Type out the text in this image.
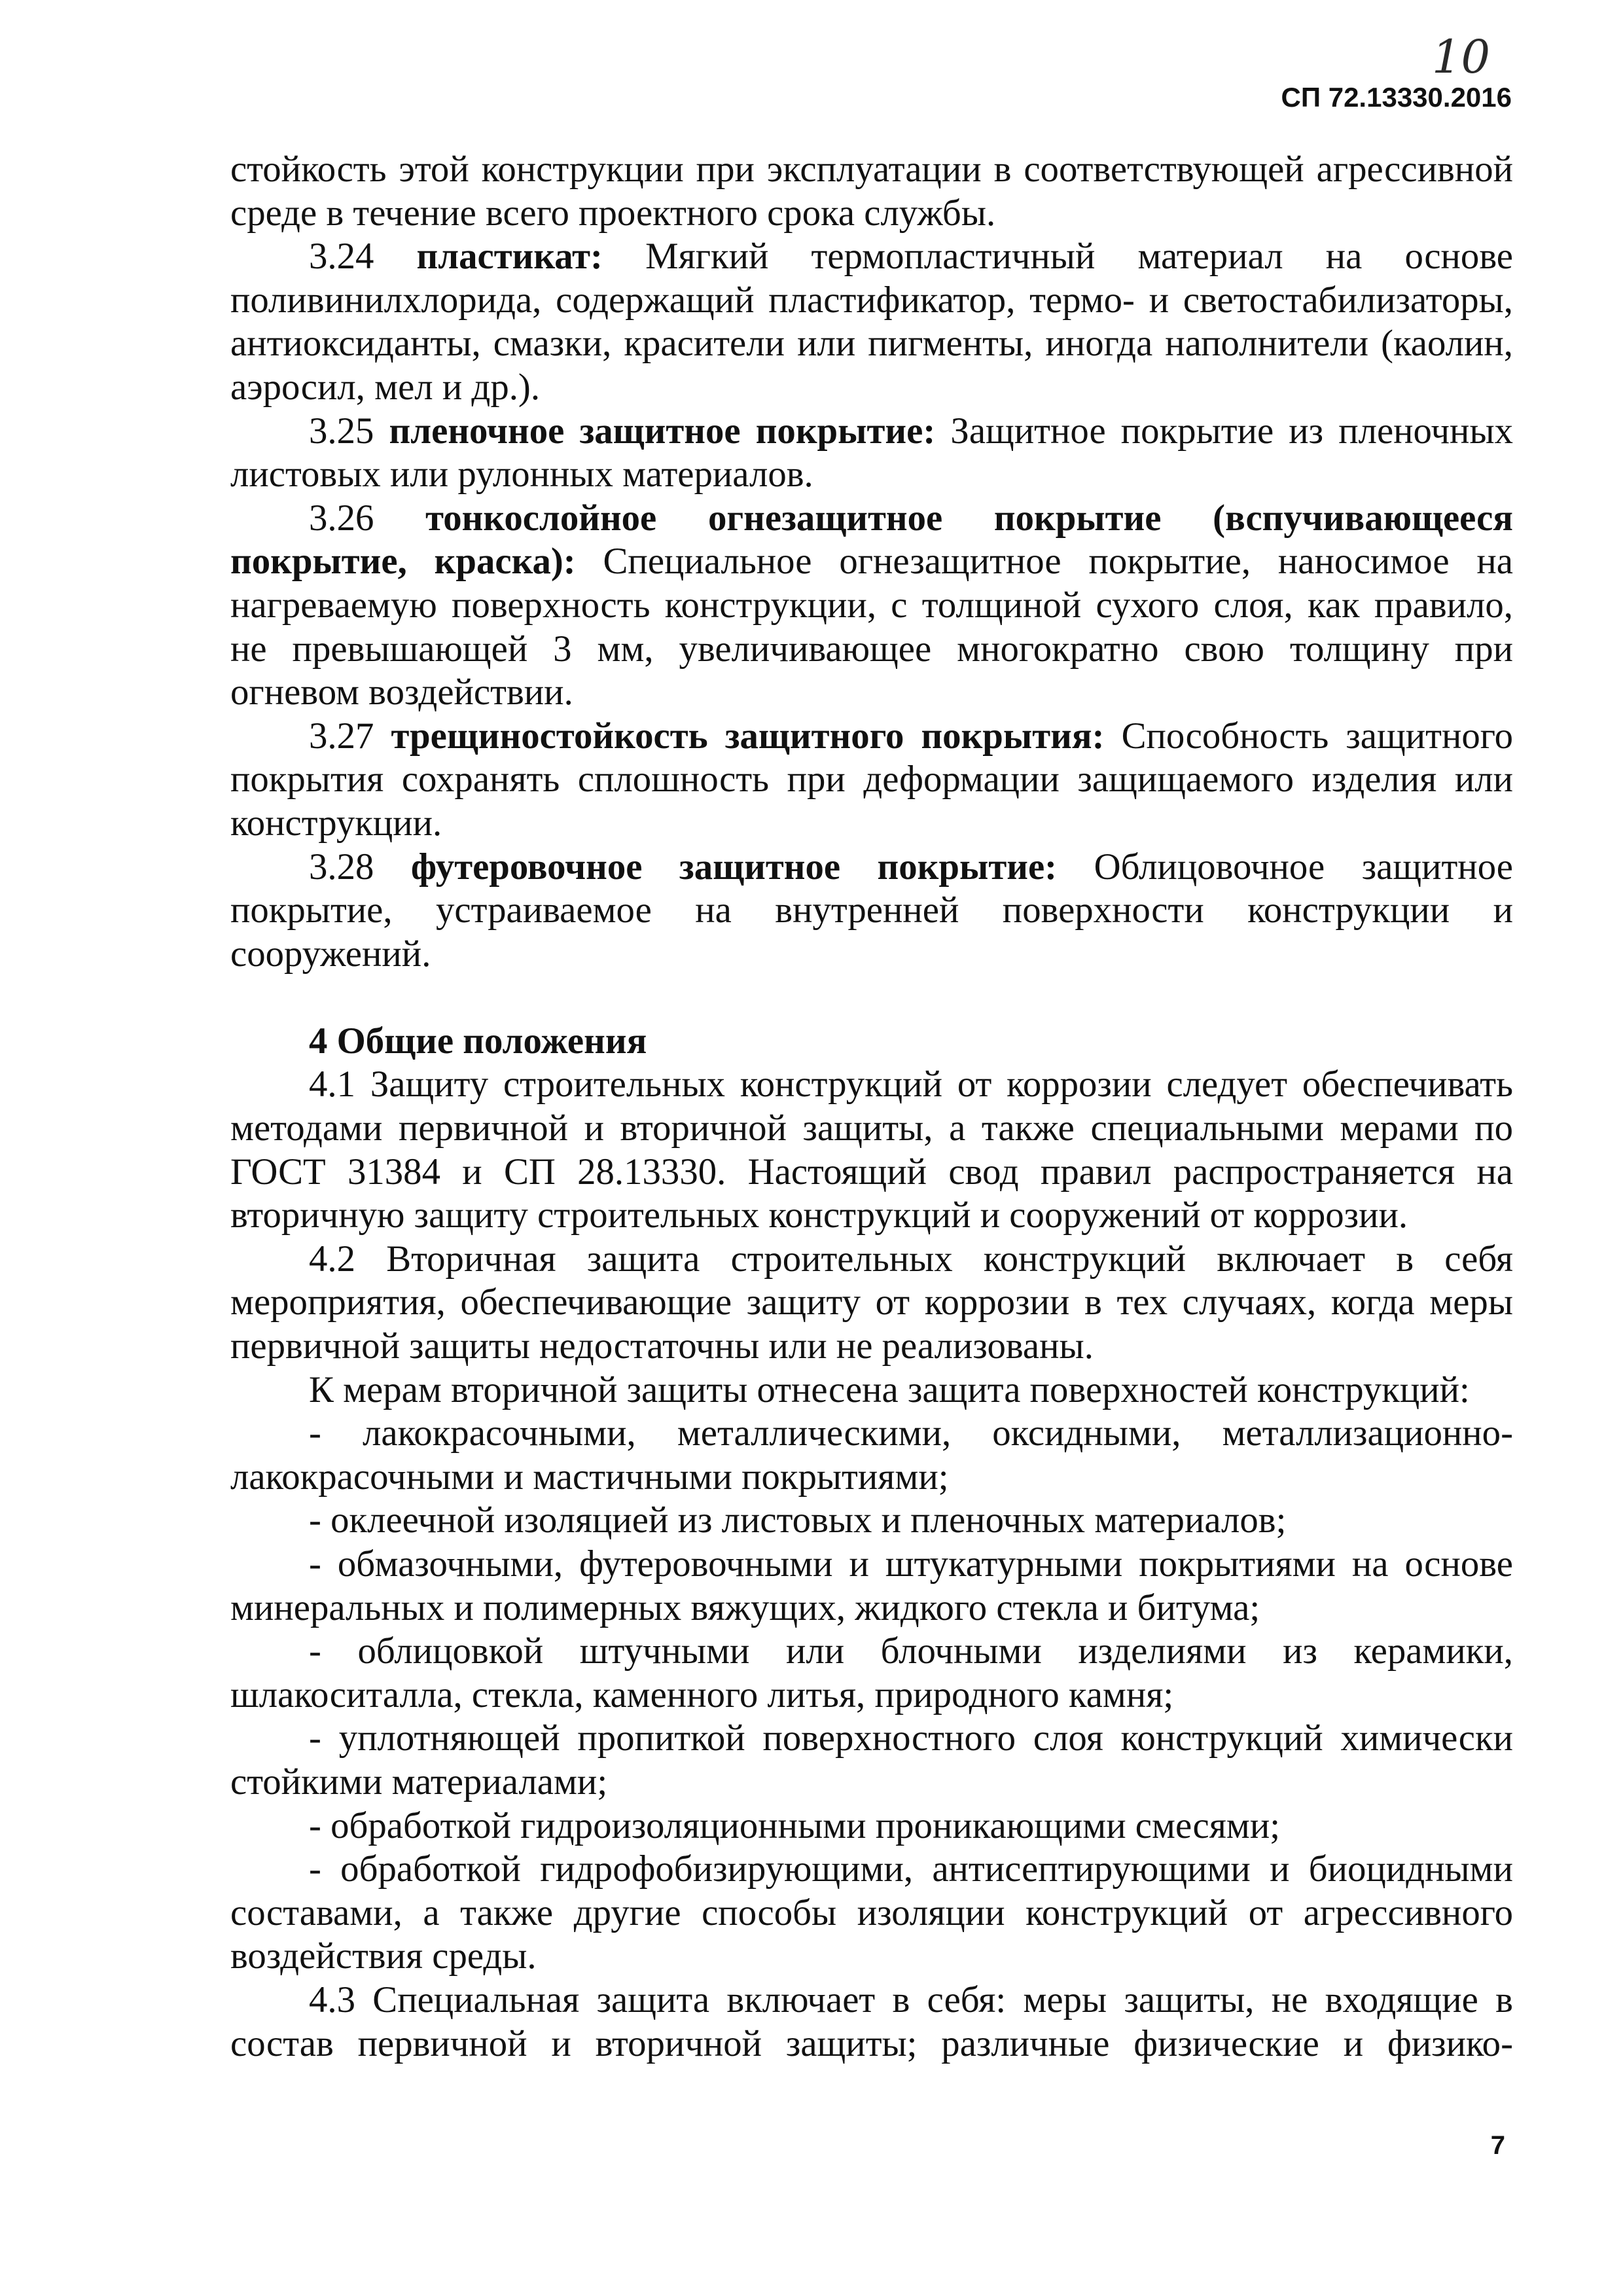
10
СП 72.13330.2016

стойкость этой конструкции при эксплуатации в соответствующей агрессивной среде в течение всего проектного срока службы.

3.24 пластикат: Мягкий термопластичный материал на основе поливинилхлорида, содержащий пластификатор, термо- и светостабилизаторы, антиоксиданты, смазки, красители или пигменты, иногда наполнители (каолин, аэросил, мел и др.).

3.25 пленочное защитное покрытие: Защитное покрытие из пленочных листовых или рулонных материалов.

3.26 тонкослойное огнезащитное покрытие (вспучивающееся покрытие, краска): Специальное огнезащитное покрытие, наносимое на нагреваемую поверхность конструкции, с толщиной сухого слоя, как правило, не превышающей 3 мм, увеличивающее многократно свою толщину при огневом воздействии.

3.27 трещиностойкость защитного покрытия: Способность защитного покрытия сохранять сплошность при деформации защищаемого изделия или конструкции.

3.28 футеровочное защитное покрытие: Облицовочное защитное покрытие, устраиваемое на внутренней поверхности конструкции и сооружений.

4 Общие положения

4.1 Защиту строительных конструкций от коррозии следует обеспечивать методами первичной и вторичной защиты, а также специальными мерами по ГОСТ 31384 и СП 28.13330. Настоящий свод правил распространяется на вторичную защиту строительных конструкций и сооружений от коррозии.

4.2 Вторичная защита строительных конструкций включает в себя мероприятия, обеспечивающие защиту от коррозии в тех случаях, когда меры первичной защиты недостаточны или не реализованы.

К мерам вторичной защиты отнесена защита поверхностей конструкций:

- лакокрасочными, металлическими, оксидными, металлизационно-лакокрасочными и мастичными покрытиями;

- оклеечной изоляцией из листовых и пленочных материалов;

- обмазочными, футеровочными и штукатурными покрытиями на основе минеральных и полимерных вяжущих, жидкого стекла и битума;

- облицовкой штучными или блочными изделиями из керамики, шлакоситалла, стекла, каменного литья, природного камня;

- уплотняющей пропиткой поверхностного слоя конструкций химически стойкими материалами;

- обработкой гидроизоляционными проникающими смесями;

- обработкой гидрофобизирующими, антисептирующими и биоцидными составами, а также другие способы изоляции конструкций от агрессивного воздействия среды.

4.3 Специальная защита включает в себя: меры защиты, не входящие в состав первичной и вторичной защиты; различные физические и физико-

7
